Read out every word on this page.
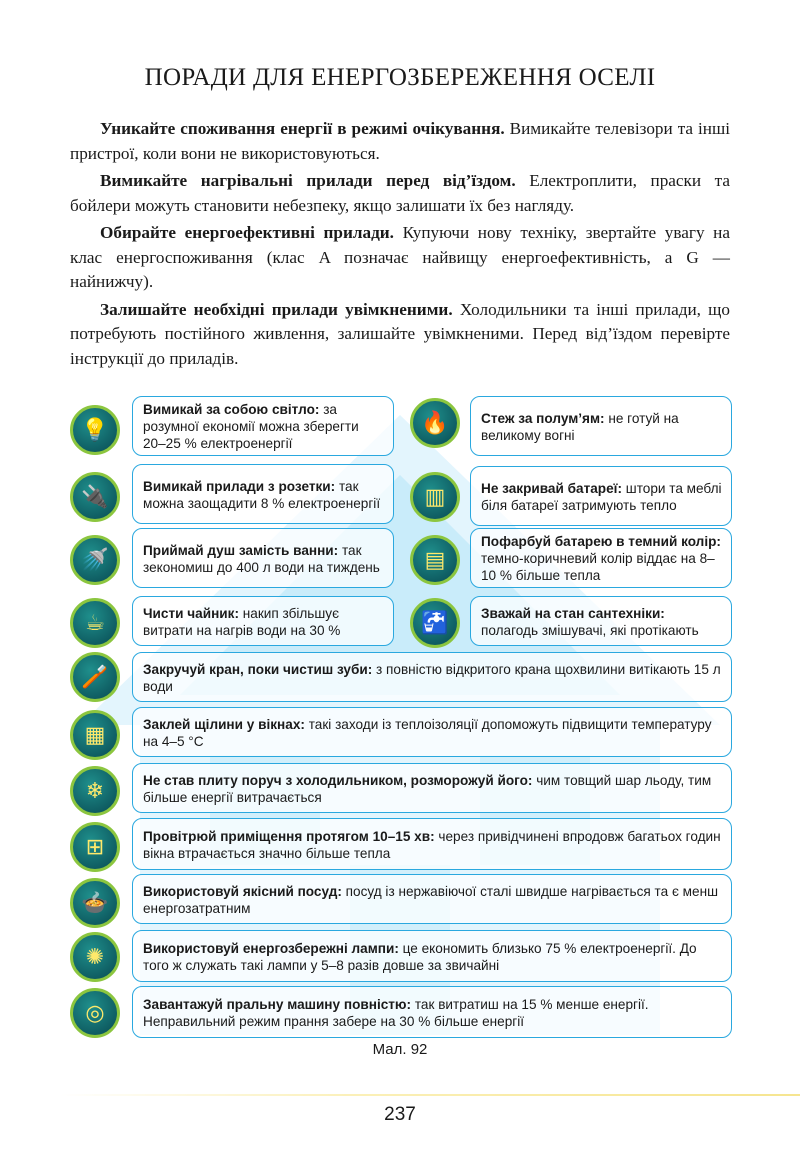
ПОРАДИ ДЛЯ ЕНЕРГОЗБЕРЕЖЕННЯ ОСЕЛІ

Уникайте споживання енергії в режимі очікування. Вимикайте телевізори та інші пристрої, коли вони не використовуються.

Вимикайте нагрівальні прилади перед від’їздом. Електроплити, праски та бойлери можуть становити небезпеку, якщо залишати їх без нагляду.

Обирайте енергоефективні прилади. Купуючи нову техніку, звертайте увагу на клас енергоспоживання (клас A позначає найвищу енергоефективність, а G — найнижчу).

Залишайте необхідні прилади увімкненими. Холодильники та інші прилади, що потребують постійного живлення, залишайте увімкненими. Перед від’їздом перевірте інструкції до приладів.

💡
Вимикай за собою світло: за розумної економії можна зберегти 20–25 % електроенергії
🔥	Стеж за полум’ям: не готуй на великому вогні
🔌	Вимикай прилади з розетки: так можна заощадити 8 % електроенергії	▥	Не закривай батареї: штори та меблі біля батареї затримують тепло
🚿	Приймай душ замість ванни: так зекономиш до 400 л води на тиждень	▤
Пофарбуй батарею в темний колір: темно-коричневий колір віддає на 8–10 % більше тепла
☕	Чисти чайник: накип збільшує витрати на нагрів води на 30 %	🚰	Зважай на стан сантехніки: полагодь змішувачі, які протікають
🪥	Закручуй кран, поки чистиш зуби: з повністю відкритого крана щохвилини витікають 15 л води
▦	Заклей щілини у вікнах: такі заходи із теплоізоляції допоможуть підвищити температуру на 4–5 °C
❄	Не став плиту поруч з холодильником, розморожуй його: чим товщий шар льоду, тим більше енергії витрачається
⊞	Провітрюй приміщення протягом 10–15 хв: через привідчинені впродовж багатьох годин вікна втрачається значно більше тепла
🍲	Використовуй якісний посуд: посуд із нержавіючої сталі швидше нагрівається та є менш енергозатратним
✺	Використовуй енергозбережні лампи: це економить близько 75 % електроенергії. До того ж служать такі лампи у 5–8 разів довше за звичайні
◎	Завантажуй пральну машину повністю: так витратиш на 15 % менше енергії. Неправильний режим прання забере на 30 % більше енергії
Мал. 92
237
